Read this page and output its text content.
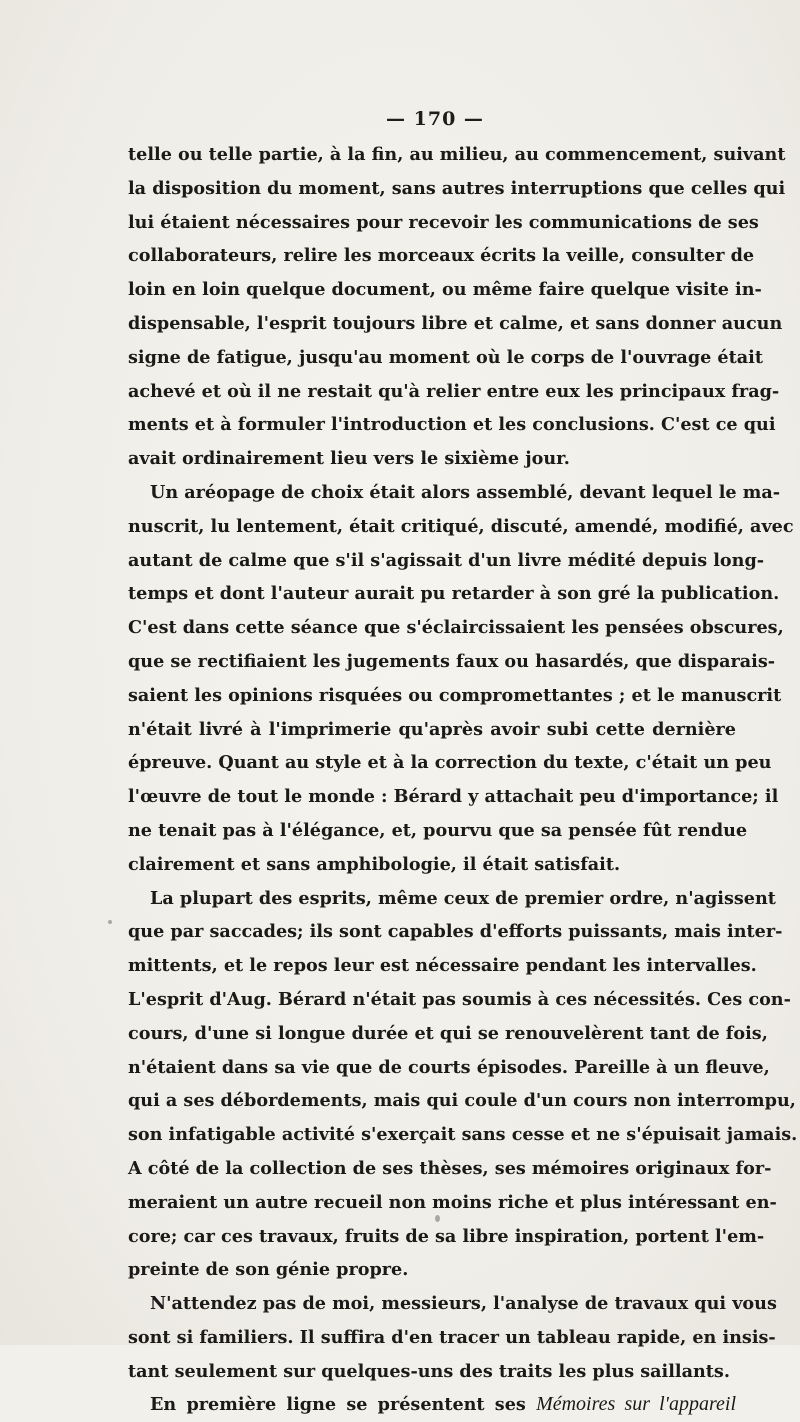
— 170 —
telle ou telle partie, à la fin, au milieu, au commencement, suivant
la disposition du moment, sans autres interruptions que celles qui
lui étaient nécessaires pour recevoir les communications de ses
collaborateurs, relire les morceaux écrits la veille, consulter de
loin en loin quelque document, ou même faire quelque visite in-
dispensable, l'esprit toujours libre et calme, et sans donner aucun
signe de fatigue, jusqu'au moment où le corps de l'ouvrage était
achevé et où il ne restait qu'à relier entre eux les principaux frag-
ments et à formuler l'introduction et les conclusions. C'est ce qui
avait ordinairement lieu vers le sixième jour.
Un aréopage de choix était alors assemblé, devant lequel le ma-
nuscrit, lu lentement, était critiqué, discuté, amendé, modifié, avec
autant de calme que s'il s'agissait d'un livre médité depuis long-
temps et dont l'auteur aurait pu retarder à son gré la publication.
C'est dans cette séance que s'éclaircissaient les pensées obscures,
que se rectifiaient les jugements faux ou hasardés, que disparais-
saient les opinions risquées ou compromettantes ; et le manuscrit
n'était livré à l'imprimerie qu'après avoir subi cette dernière
épreuve. Quant au style et à la correction du texte, c'était un peu
l'œuvre de tout le monde : Bérard y attachait peu d'importance; il
ne tenait pas à l'élégance, et, pourvu que sa pensée fût rendue
clairement et sans amphibologie, il était satisfait.
La plupart des esprits, même ceux de premier ordre, n'agissent
que par saccades; ils sont capables d'efforts puissants, mais inter-
mittents, et le repos leur est nécessaire pendant les intervalles.
L'esprit d'Aug. Bérard n'était pas soumis à ces nécessités. Ces con-
cours, d'une si longue durée et qui se renouvelèrent tant de fois,
n'étaient dans sa vie que de courts épisodes. Pareille à un fleuve,
qui a ses débordements, mais qui coule d'un cours non interrompu,
son infatigable activité s'exerçait sans cesse et ne s'épuisait jamais.
A côté de la collection de ses thèses, ses mémoires originaux for-
meraient un autre recueil non moins riche et plus intéressant en-
core; car ces travaux, fruits de sa libre inspiration, portent l'em-
preinte de son génie propre.
N'attendez pas de moi, messieurs, l'analyse de travaux qui vous
sont si familiers. Il suffira d'en tracer un tableau rapide, en insis-
tant seulement sur quelques-uns des traits les plus saillants.
En première ligne se présentent ses Mémoires sur l'appareil
